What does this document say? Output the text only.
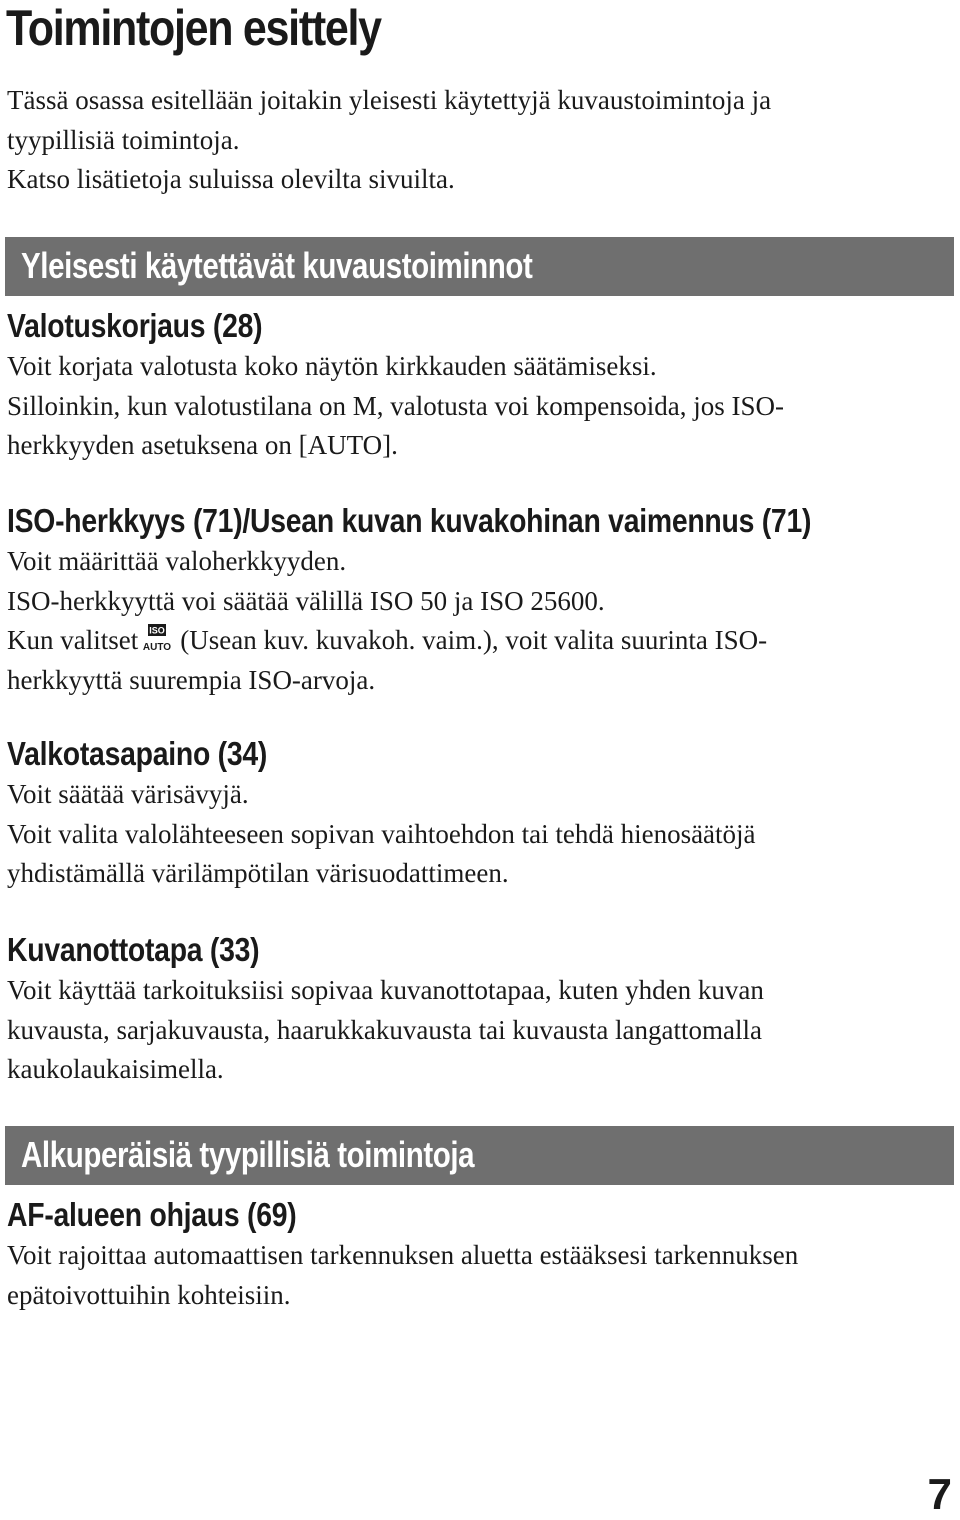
Toimintojen esittely

Tässä osassa esitellään joitakin yleisesti käytettyjä kuvaustoimintoja ja

tyypillisiä toimintoja.

Katso lisätietoja suluissa olevilta sivuilta.

Yleisesti käytettävät kuvaustoiminnot
Valotuskorjaus (28)

Voit korjata valotusta koko näytön kirkkauden säätämiseksi.

Silloinkin, kun valotustilana on M, valotusta voi kompensoida, jos ISO-

herkkyyden asetuksena on [AUTO].

ISO-herkkyys (71)/Usean kuvan kuvakohinan vaimennus (71)

Voit määrittää valoherkkyyden.

ISO-herkkyyttä voi säätää välillä ISO 50 ja ISO 25600.

Kun valitset ISO
AUTO (Usean kuv. kuvakoh. vaim.), voit valita suurinta ISO-

herkkyyttä suurempia ISO-arvoja.

Valkotasapaino (34)

Voit säätää värisävyjä.

Voit valita valolähteeseen sopivan vaihtoehdon tai tehdä hienosäätöjä

yhdistämällä värilämpötilan värisuodattimeen.

Kuvanottotapa (33)

Voit käyttää tarkoituksiisi sopivaa kuvanottotapaa, kuten yhden kuvan

kuvausta, sarjakuvausta, haarukkakuvausta tai kuvausta langattomalla

kaukolaukaisimella.

Alkuperäisiä tyypillisiä toimintoja
AF-alueen ohjaus (69)

Voit rajoittaa automaattisen tarkennuksen aluetta estääksesi tarkennuksen

epätoivottuihin kohteisiin.

7
